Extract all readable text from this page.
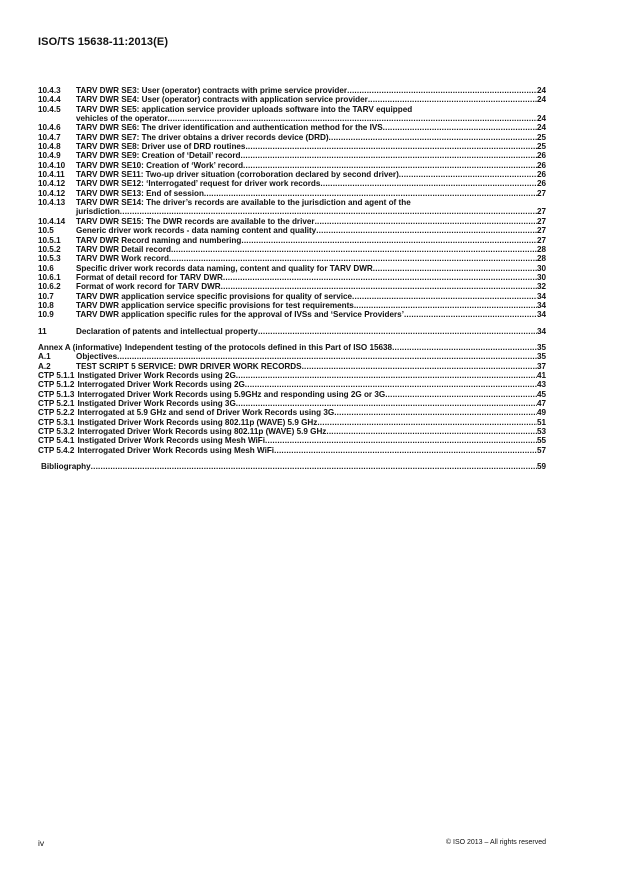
ISO/TS 15638-11:2013(E)
10.4.3	TARV DWR SE3: User (operator) contracts with prime service provider .....	24
10.4.4	TARV DWR SE4: User (operator) contracts with application service provider .....	24
10.4.5	TARV DWR SE5: application service provider uploads software into the TARV equipped
vehicles of the operator .....	24
10.4.6	TARV DWR SE6: The driver identification and authentication method for the IVS .....	24
10.4.7	TARV DWR SE7: The driver obtains a driver records device (DRD) .....	25
10.4.8	TARV DWR SE8: Driver use of DRD routines .....	25
10.4.9	TARV DWR SE9: Creation of ‘Detail’ record .....	26
10.4.10	TARV DWR SE10: Creation of ‘Work’ record .....	26
10.4.11	TARV DWR SE11: Two-up driver situation (corroboration declared by second driver) .....	26
10.4.12	TARV DWR SE12: ‘Interrogated’ request for driver work records .....	26
10.4.12	TARV DWR SE13: End of session .....	27
10.4.13	TARV DWR SE14: The driver’s records are available to the jurisdiction and agent of the
jurisdiction .....	27
10.4.14	TARV DWR SE15: The DWR records are available to the driver .....	27
10.5	Generic driver work records - data naming content and quality .....	27
10.5.1	TARV DWR Record naming and numbering .....	27
10.5.2	TARV DWR Detail record .....	28
10.5.3	TARV DWR Work record .....	28
10.6	Specific driver work records data naming, content and quality for TARV DWR .....	30
10.6.1	Format of detail record for TARV DWR .....	30
10.6.2	Format of work record for TARV DWR .....	32
10.7	TARV DWR application service specific provisions for quality of service .....	34
10.8	TARV DWR application service specific provisions for test requirements .....	34
10.9	TARV DWR application specific rules for the approval of IVSs and ‘Service Providers’ .....	34
11	Declaration of patents and intellectual property .....	34
Annex A (informative) Independent testing of the protocols defined in this Part of ISO 15638 .....	35
A.1	Objectives .....	35
A.2	TEST SCRIPT 5 SERVICE: DWR DRIVER WORK RECORDS .....	37
CTP 5.1.1 Instigated Driver Work Records using 2G .....	41
CTP 5.1.2 Interrogated Driver Work Records using 2G .....	43
CTP 5.1.3 Interrogated Driver Work Records using 5.9GHz and responding using 2G or 3G .....	45
CTP 5.2.1 Instigated Driver Work Records using 3G .....	47
CTP 5.2.2 Interrogated at 5.9 GHz and send of Driver Work Records using 3G .....	49
CTP 5.3.1 Instigated Driver Work Records using 802.11p (WAVE) 5.9 GHz .....	51
CTP 5.3.2 Interrogated Driver Work Records using 802.11p (WAVE) 5.9 GHz .....	53
CTP 5.4.1 Instigated Driver Work Records using Mesh WiFi .....	55
CTP 5.4.2 Interrogated Driver Work Records using Mesh WiFi .....	57
Bibliography .....	59
iv	© ISO 2013 – All rights reserved
